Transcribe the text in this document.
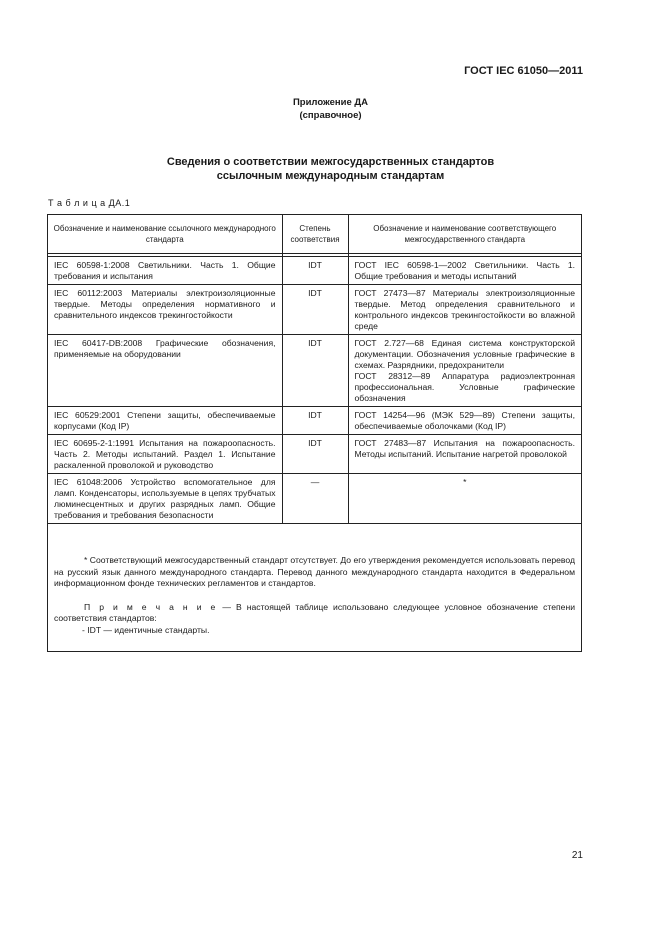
ГОСТ IEC 61050—2011
Приложение ДА
(справочное)
Сведения о соответствии межгосударственных стандартов
ссылочным международным стандартам
Т а б л и ц а ДА.1
Обозначение и наименование ссылочного международного стандарта	Степень соответствия	Обозначение и наименование соответствующего межгосударственного стандарта

IEC 60598-1:2008 Светильники. Часть 1. Общие требования и испытания	IDT	ГОСТ IEC 60598-1—2002 Светильники. Часть 1. Общие требования и методы испытаний
IEC 60112:2003 Материалы электроизоляционные твердые. Методы определения нормативного и сравнительного индексов трекингостойкости	IDT	ГОСТ 27473—87 Материалы электроизоляционные твердые. Метод определения сравнительного и контрольного индексов трекингостойкости во влажной среде
IEC 60417-DB:2008 Графические обозначения, применяемые на оборудовании	IDT	ГОСТ 2.727—68 Единая система конструкторской документации. Обозначения условные графические в схемах. Разрядники, предохранители
ГОСТ 28312—89 Аппаратура радиоэлектронная профессиональная. Условные графические обозначения

IEC 60529:2001 Степени защиты, обеспечиваемые корпусами (Код IP)	IDT	ГОСТ 14254—96 (МЭК 529—89) Степени защиты, обеспечиваемые оболочками (Код IP)
IEC 60695-2-1:1991 Испытания на пожароопасность. Часть 2. Методы испытаний. Раздел 1. Испытание раскаленной проволокой и руководство	IDT	ГОСТ 27483—87 Испытания на пожароопасность. Методы испытаний. Испытание нагретой проволокой
IEC 61048:2006 Устройство вспомогательное для ламп. Конденсаторы, используемые в цепях трубчатых люминесцентных и других разрядных ламп. Общие требования и требования безопасности	—	*
* Соответствующий межгосударственный стандарт отсутствует. До его утверждения рекомендуется использовать перевод на русский язык данного международного стандарта. Перевод данного международного стандарта находится в Федеральном информационном фонде технических регламентов и стандартов.
П р и м е ч а н и е — В настоящей таблице использовано следующее условное обозначение степени соответствия стандартов:
- IDT — идентичные стандарты.
21
